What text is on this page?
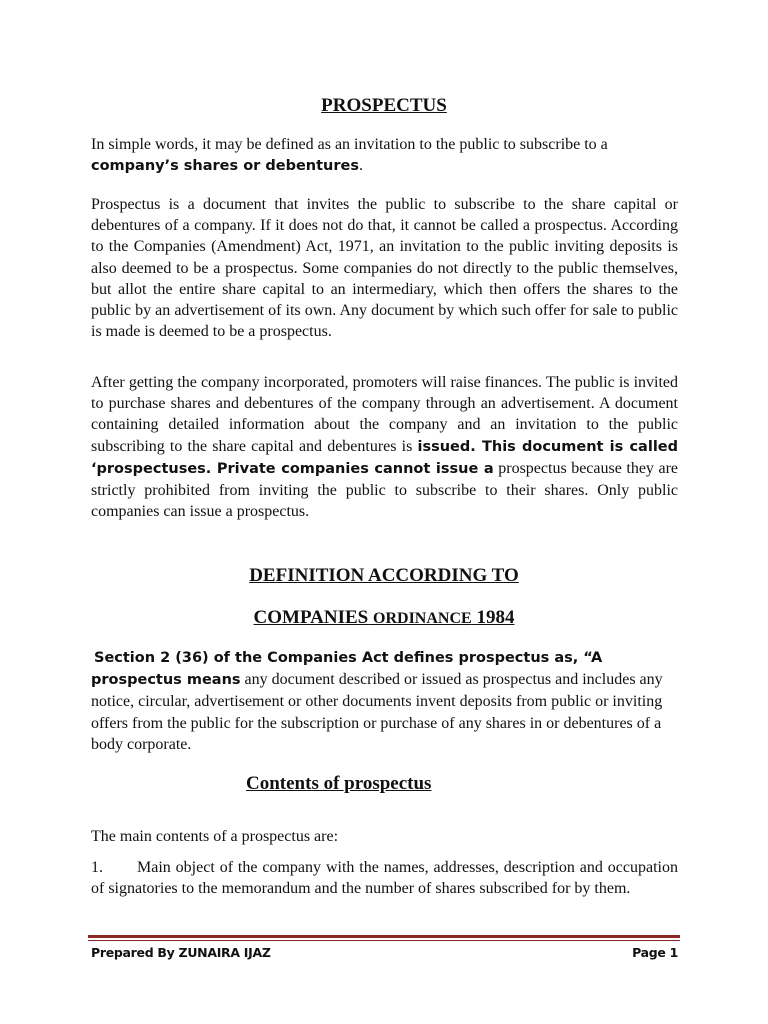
PROSPECTUS

In simple words, it may be defined as an invitation to the public to subscribe to a
company’s shares or debentures.

Prospectus is a document that invites the public to subscribe to the share capital or debentures of a company. If it does not do that, it cannot be called a prospectus. According to the Companies (Amendment) Act, 1971, an invitation to the public inviting deposits is also deemed to be a prospectus. Some companies do not directly to the public themselves, but allot the entire share capital to an intermediary, which then offers the shares to the public by an advertisement of its own. Any document by which such offer for sale to public is made is deemed to be a prospectus.

After getting the company incorporated, promoters will raise finances. The public is invited to purchase shares and debentures of the company through an advertisement. A document containing detailed information about the company and an invitation to the public subscribing to the share capital and debentures is issued. This document is called ‘prospectuses. Private companies cannot issue a prospectus because they are strictly prohibited from inviting the public to subscribe to their shares. Only public companies can issue a prospectus.

DEFINITION ACCORDING TO
COMPANIES ORDINANCE 1984

Section 2 (36) of the Companies Act defines prospectus as, “A prospectus means any document described or issued as prospectus and includes any notice, circular, advertisement or other documents invent deposits from public or inviting offers from the public for the subscription or purchase of any shares in or debentures of a body corporate.

Contents of prospectus

The main contents of a prospectus are:

1. Main object of the company with the names, addresses, description and occupation of signatories to the memorandum and the number of shares subscribed for by them.

Prepared By ZUNAIRA IJAZ	Page 1
